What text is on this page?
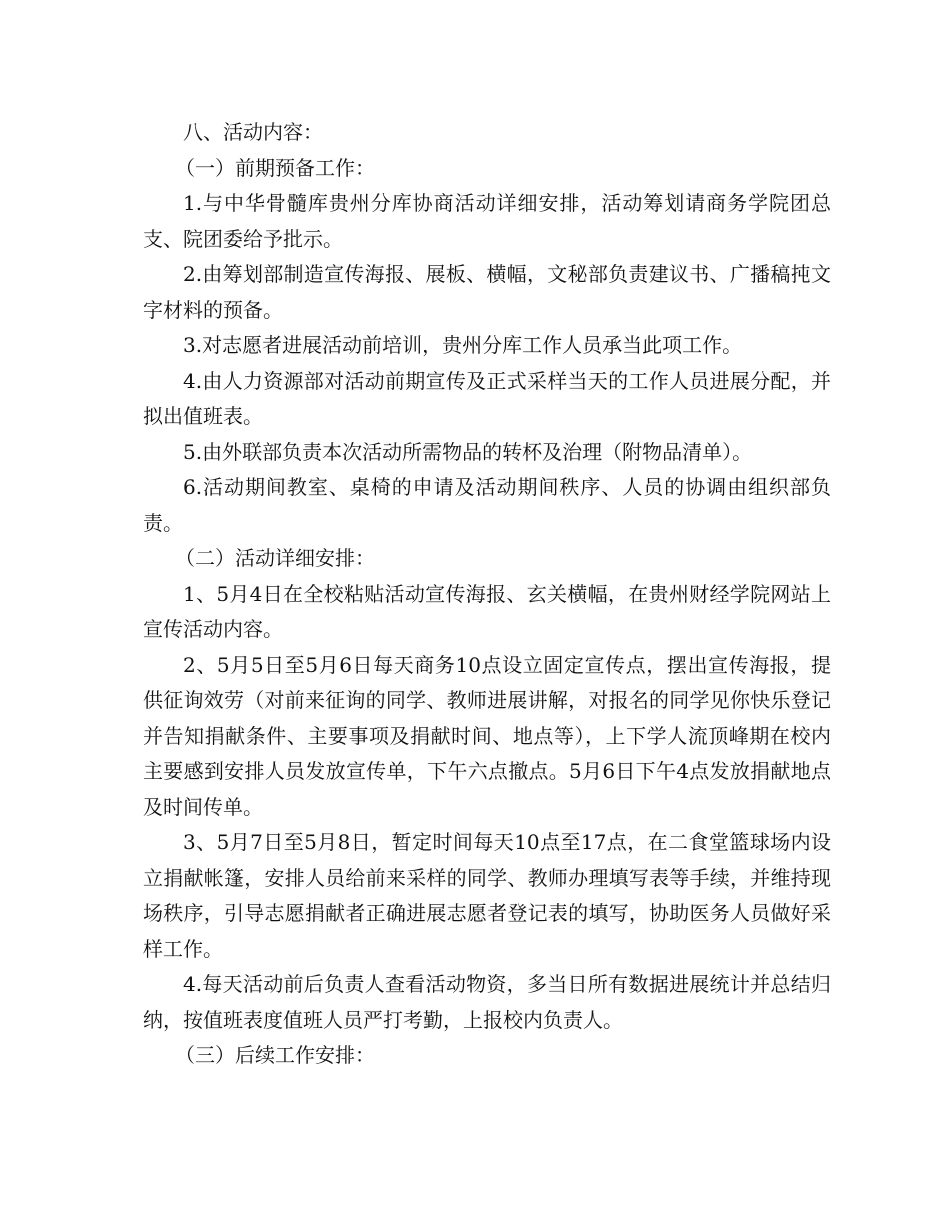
八、活动内容：

（一）前期预备工作：

1.与中华骨髓库贵州分库协商活动详细安排，活动筹划请商务学院团总支、院团委给予批示。

2.由筹划部制造宣传海报、展板、横幅，文秘部负责建议书、广播稿扽文字材料的预备。

3.对志愿者进展活动前培训，贵州分库工作人员承当此项工作。

4.由人力资源部对活动前期宣传及正式采样当天的工作人员进展分配，并拟出值班表。

5.由外联部负责本次活动所需物品的转杯及治理（附物品清单）。

6.活动期间教室、桌椅的申请及活动期间秩序、人员的协调由组织部负责。

（二）活动详细安排：

1、5月4日在全校粘贴活动宣传海报、玄关横幅，在贵州财经学院网站上宣传活动内容。

2、5月5日至5月6日每天商务10点设立固定宣传点，摆出宣传海报，提供征询效劳（对前来征询的同学、教师进展讲解，对报名的同学见你快乐登记并告知捐献条件、主要事项及捐献时间、地点等），上下学人流顶峰期在校内主要感到安排人员发放宣传单，下午六点撤点。5月6日下午4点发放捐献地点及时间传单。

3、5月7日至5月8日，暂定时间每天10点至17点，在二食堂篮球场内设立捐献帐篷，安排人员给前来采样的同学、教师办理填写表等手续，并维持现场秩序，引导志愿捐献者正确进展志愿者登记表的填写，协助医务人员做好采样工作。

4.每天活动前后负责人查看活动物资，多当日所有数据进展统计并总结归纳，按值班表度值班人员严打考勤，上报校内负责人。

（三）后续工作安排：
